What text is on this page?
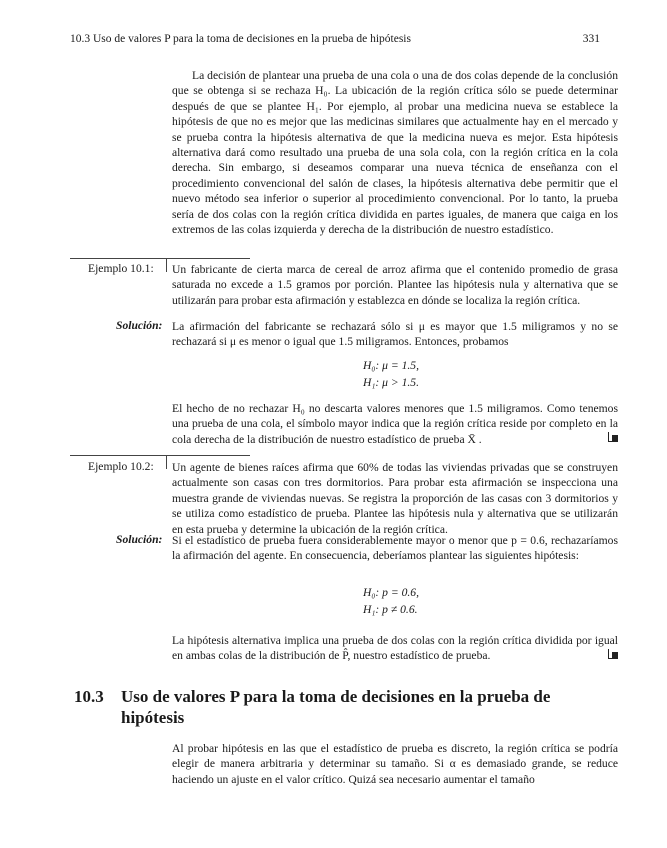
10.3 Uso de valores P para la toma de decisiones en la prueba de hipótesis	331
La decisión de plantear una prueba de una cola o una de dos colas depende de la conclusión que se obtenga si se rechaza H₀. La ubicación de la región crítica sólo se puede determinar después de que se plantee H₁. Por ejemplo, al probar una medicina nueva se establece la hipótesis de que no es mejor que las medicinas similares que actualmente hay en el mercado y se prueba contra la hipótesis alternativa de que la medicina nueva es mejor. Esta hipótesis alternativa dará como resultado una prueba de una sola cola, con la región crítica en la cola derecha. Sin embargo, si deseamos comparar una nueva técnica de enseñanza con el procedimiento convencional del salón de clases, la hipótesis alternativa debe permitir que el nuevo método sea inferior o superior al procedimiento convencional. Por lo tanto, la prueba sería de dos colas con la región crítica dividida en partes iguales, de manera que caiga en los extremos de las colas izquierda y derecha de la distribución de nuestro estadístico.
Ejemplo 10.1: Un fabricante de cierta marca de cereal de arroz afirma que el contenido promedio de grasa saturada no excede a 1.5 gramos por porción. Plantee las hipótesis nula y alternativa que se utilizarán para probar esta afirmación y establezca en dónde se localiza la región crítica.
Solución: La afirmación del fabricante se rechazará sólo si μ es mayor que 1.5 miligramos y no se rechazará si μ es menor o igual que 1.5 miligramos. Entonces, probamos
H₀: μ = 1.5,
H₁: μ > 1.5.
El hecho de no rechazar H₀ no descarta valores menores que 1.5 miligramos. Como tenemos una prueba de una cola, el símbolo mayor indica que la región crítica reside por completo en la cola derecha de la distribución de nuestro estadístico de prueba X̄ .
Ejemplo 10.2: Un agente de bienes raíces afirma que 60% de todas las viviendas privadas que se construyen actualmente son casas con tres dormitorios. Para probar esta afirmación se inspecciona una muestra grande de viviendas nuevas. Se registra la proporción de las casas con 3 dormitorios y se utiliza como estadístico de prueba. Plantee las hipótesis nula y alternativa que se utilizarán en esta prueba y determine la ubicación de la región crítica.
Solución: Si el estadístico de prueba fuera considerablemente mayor o menor que p = 0.6, rechazaríamos la afirmación del agente. En consecuencia, deberíamos plantear las siguientes hipótesis:
H₀: p = 0.6,
H₁: p ≠ 0.6.
La hipótesis alternativa implica una prueba de dos colas con la región crítica dividida por igual en ambas colas de la distribución de P̂, nuestro estadístico de prueba.
10.3 Uso de valores P para la toma de decisiones en la prueba de hipótesis
Al probar hipótesis en las que el estadístico de prueba es discreto, la región crítica se podría elegir de manera arbitraria y determinar su tamaño. Si α es demasiado grande, se reduce haciendo un ajuste en el valor crítico. Quizá sea necesario aumentar el tamaño
